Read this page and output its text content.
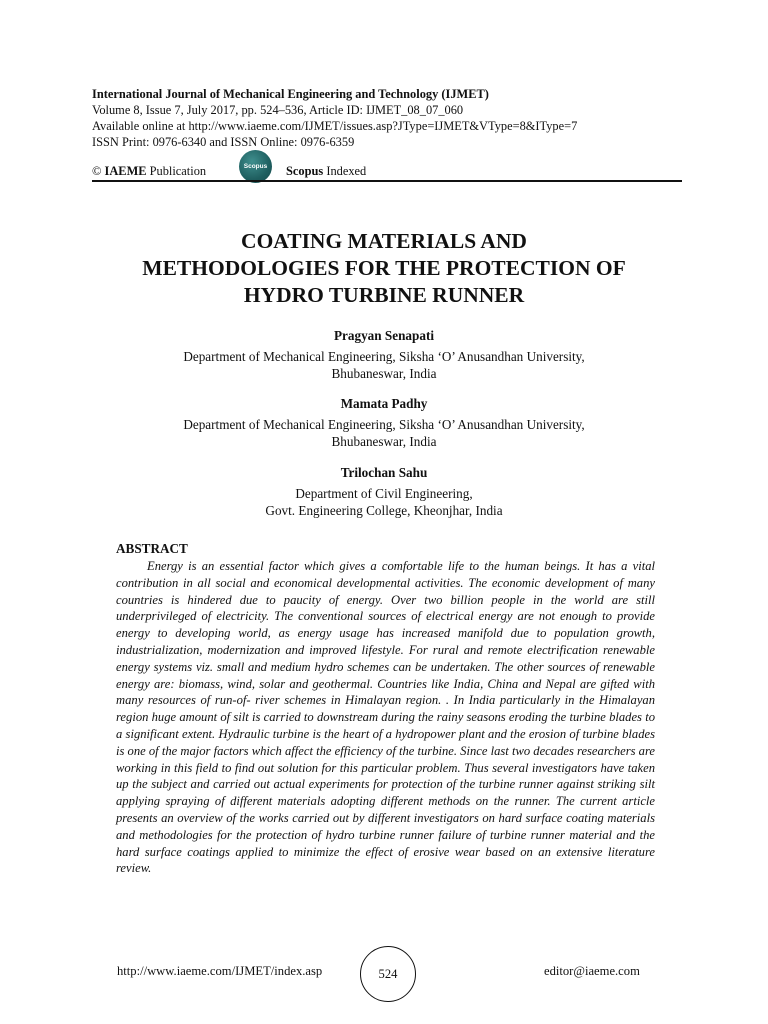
International Journal of Mechanical Engineering and Technology (IJMET)
Volume 8, Issue 7, July 2017, pp. 524–536, Article ID: IJMET_08_07_060
Available online at http://www.iaeme.com/IJMET/issues.asp?JType=IJMET&VType=8&IType=7
ISSN Print: 0976-6340 and ISSN Online: 0976-6359
© IAEME Publication	Scopus	Scopus Indexed
COATING MATERIALS AND
METHODOLOGIES FOR THE PROTECTION OF
HYDRO TURBINE RUNNER
Pragyan Senapati
Department of Mechanical Engineering, Siksha ‘O’ Anusandhan University,
Bhubaneswar, India
Mamata Padhy
Department of Mechanical Engineering, Siksha ‘O’ Anusandhan University,
Bhubaneswar, India
Trilochan Sahu
Department of Civil Engineering,
Govt. Engineering College, Kheonjhar, India
ABSTRACT

Energy is an essential factor which gives a comfortable life to the human beings. It has a vital contribution in all social and economical developmental activities. The economic development of many countries is hindered due to paucity of energy. Over two billion people in the world are still underprivileged of electricity. The conventional sources of electrical energy are not enough to provide energy to developing world, as energy usage has increased manifold due to population growth, industrialization, modernization and improved lifestyle. For rural and remote electrification renewable energy systems viz. small and medium hydro schemes can be undertaken. The other sources of renewable energy are: biomass, wind, solar and geothermal. Countries like India, China and Nepal are gifted with many resources of run-of- river schemes in Himalayan region. . In India particularly in the Himalayan region huge amount of silt is carried to downstream during the rainy seasons eroding the turbine blades to a significant extent. Hydraulic turbine is the heart of a hydropower plant and the erosion of turbine blades is one of the major factors which affect the efficiency of the turbine. Since last two decades researchers are working in this field to find out solution for this particular problem. Thus several investigators have taken up the subject and carried out actual experiments for protection of the turbine runner against striking silt applying spraying of different materials adopting different methods on the runner. The current article presents an overview of the works carried out by different investigators on hard surface coating materials and methodologies for the protection of hydro turbine runner failure of turbine runner material and the hard surface coatings applied to minimize the effect of erosive wear based on an extensive literature review.

http://www.iaeme.com/IJMET/index.asp	524	editor@iaeme.com
